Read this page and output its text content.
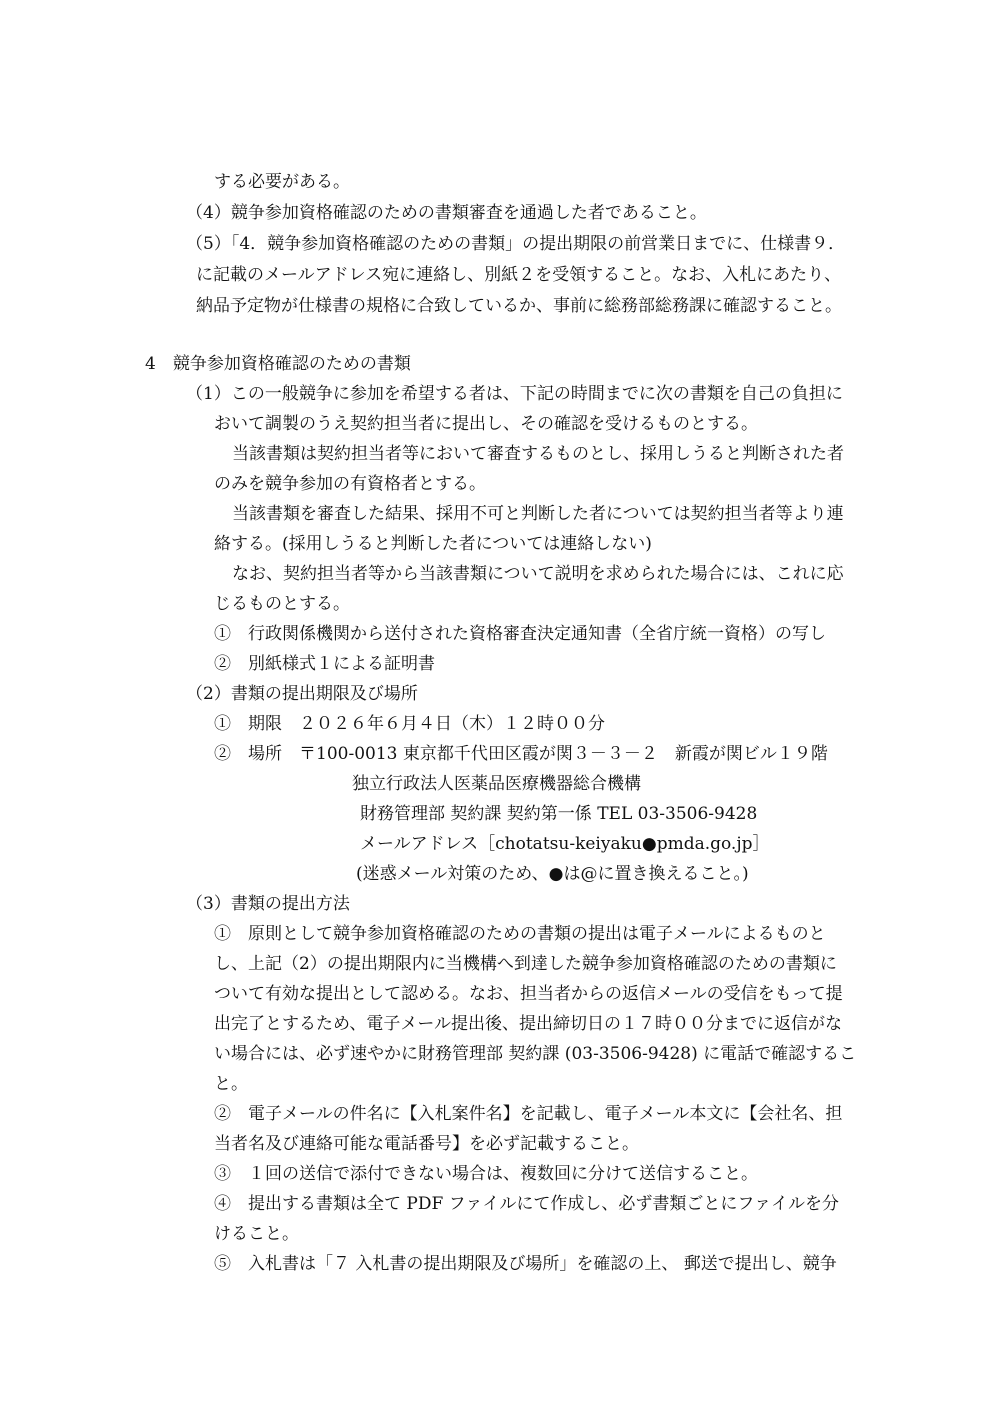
する必要がある。
（4）競争参加資格確認のための書類審査を通過した者であること。
（5）「4．競争参加資格確認のための書類」の提出期限の前営業日までに、仕様書９．
に記載のメールアドレス宛に連絡し、別紙２を受領すること。なお、入札にあたり、
納品予定物が仕様書の規格に合致しているか、事前に総務部総務課に確認すること。
4　競争参加資格確認のための書類
（1）この一般競争に参加を希望する者は、下記の時間までに次の書類を自己の負担に
おいて調製のうえ契約担当者に提出し、その確認を受けるものとする。
当該書類は契約担当者等において審査するものとし、採用しうると判断された者
のみを競争参加の有資格者とする。
当該書類を審査した結果、採用不可と判断した者については契約担当者等より連
絡する。(採用しうると判断した者については連絡しない)
なお、契約担当者等から当該書類について説明を求められた場合には、これに応
じるものとする。
①　行政関係機関から送付された資格審査決定通知書（全省庁統一資格）の写し
②　別紙様式１による証明書
（2）書類の提出期限及び場所
①　期限　２０２６年６月４日（木）１２時００分
②　場所　〒100-0013 東京都千代田区霞が関３－３－２　新霞が関ビル１９階
独立行政法人医薬品医療機器総合機構
財務管理部 契約課 契約第一係 TEL 03-3506-9428
メールアドレス［chotatsu-keiyaku●pmda.go.jp］
(迷惑メール対策のため、●は@に置き換えること。)
（3）書類の提出方法
①　原則として競争参加資格確認のための書類の提出は電子メールによるものと
し、上記（2）の提出期限内に当機構へ到達した競争参加資格確認のための書類に
ついて有効な提出として認める。なお、担当者からの返信メールの受信をもって提
出完了とするため、電子メール提出後、提出締切日の１７時００分までに返信がな
い場合には、必ず速やかに財務管理部 契約課 (03-3506-9428) に電話で確認するこ
と。
②　電子メールの件名に【入札案件名】を記載し、電子メール本文に【会社名、担
当者名及び連絡可能な電話番号】を必ず記載すること。
③　１回の送信で添付できない場合は、複数回に分けて送信すること。
④　提出する書類は全て PDF ファイルにて作成し、必ず書類ごとにファイルを分
けること。
⑤　入札書は「７ 入札書の提出期限及び場所」を確認の上、 郵送で提出し、競争
